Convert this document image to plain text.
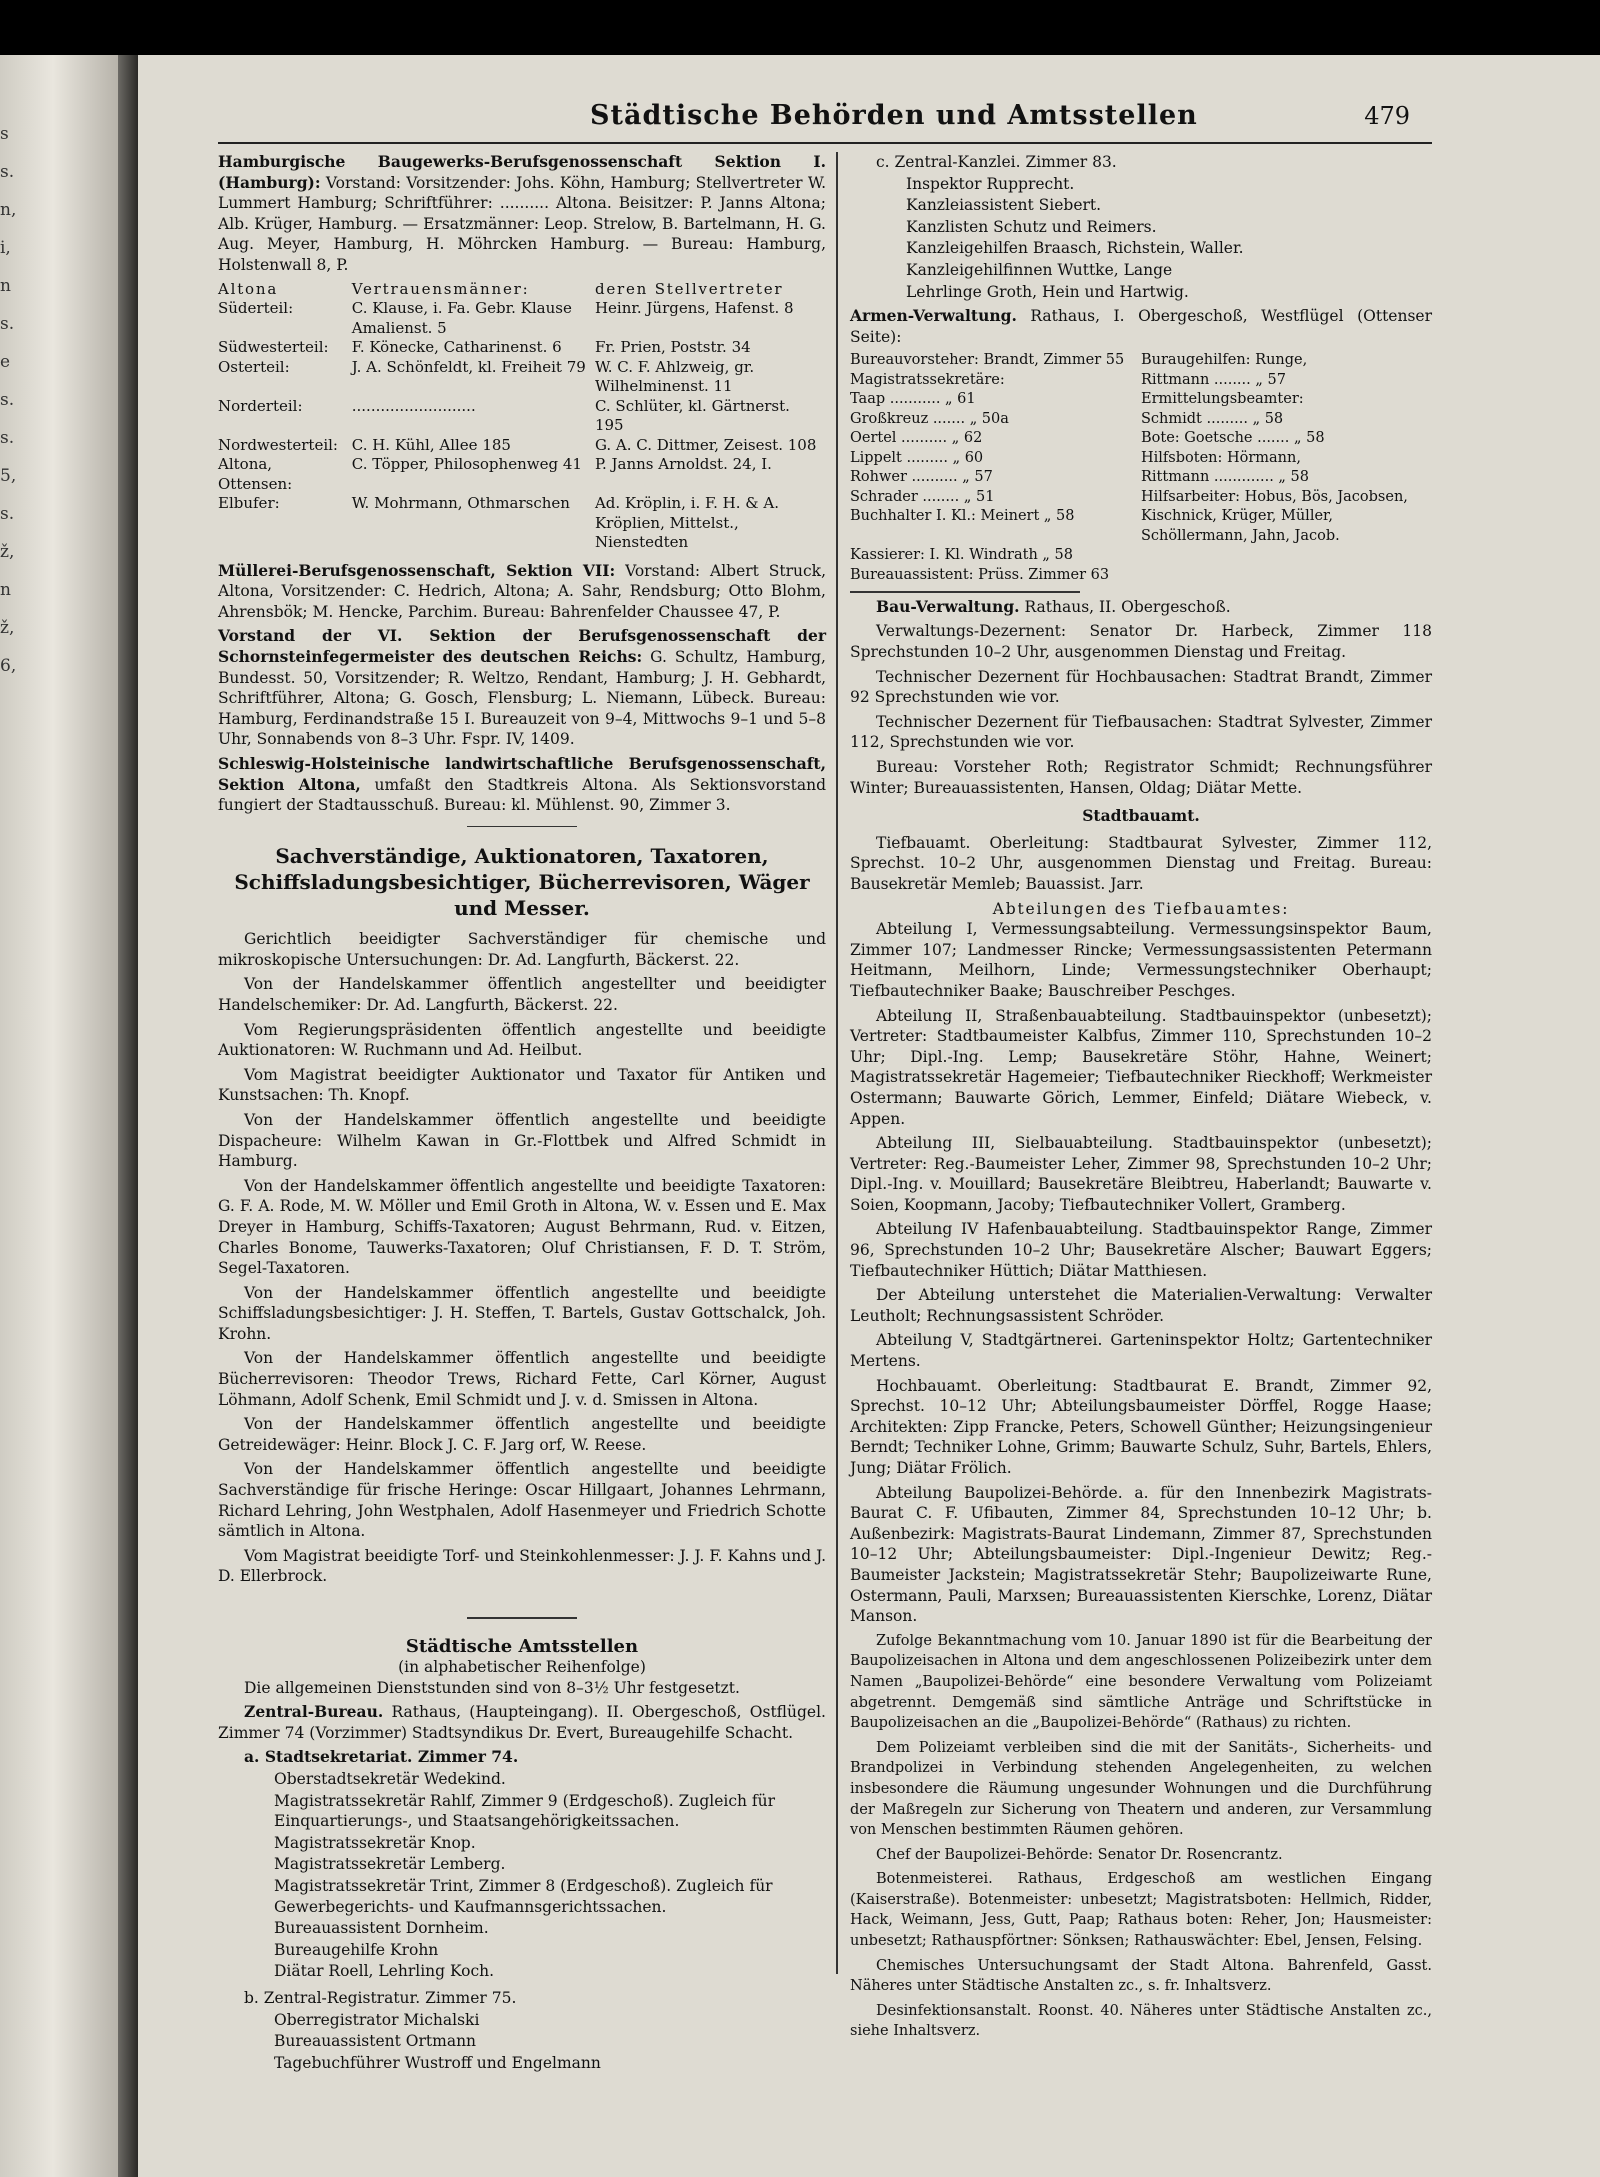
s
s.
n,
i,
n
s.
e
s.
s.
5,
s.
ž,
n
ž,
6,
Städtische Behörden und Amtsstellen	479

Hamburgische Baugewerks-Berufsgenossenschaft Sektion I. (Hamburg): Vorstand: Vorsitzender: Johs. Köhn, Hamburg; Stellvertreter W. Lummert Hamburg; Schriftführer: .......... Altona. Beisitzer: P. Janns Altona; Alb. Krüger, Hamburg. — Ersatzmänner: Leop. Strelow, B. Bartelmann, H. G. Aug. Meyer, Hamburg, H. Möhrcken Hamburg. — Bureau: Hamburg, Holstenwall 8, P.

Altona	Vertrauensmänner:	deren Stellvertreter
Süderteil:	C. Klause, i. Fa. Gebr. Klause Amalienst. 5	Heinr. Jürgens, Hafenst. 8
Südwesterteil:	F. Könecke, Catharinenst. 6	Fr. Prien, Poststr. 34
Osterteil:	J. A. Schönfeldt, kl. Freiheit 79	W. C. F. Ahlzweig, gr. Wilhelminenst. 11
Norderteil:	..........................	C. Schlüter, kl. Gärtnerst. 195
Nordwesterteil:	C. H. Kühl, Allee 185	G. A. C. Dittmer, Zeisest. 108
Altona, Ottensen:	C. Töpper, Philosophenweg 41	P. Janns Arnoldst. 24, I.
Elbufer:	W. Mohrmann, Othmarschen	Ad. Kröplin, i. F. H. & A. Kröplien, Mittelst., Nienstedten

Müllerei-Berufsgenossenschaft, Sektion VII: Vorstand: Albert Struck, Altona, Vorsitzender: C. Hedrich, Altona; A. Sahr, Rendsburg; Otto Blohm, Ahrensbök; M. Hencke, Parchim. Bureau: Bahrenfelder Chaussee 47, P.

Vorstand der VI. Sektion der Berufsgenossenschaft der Schornsteinfegermeister des deutschen Reichs: G. Schultz, Hamburg, Bundesst. 50, Vorsitzender; R. Weltzo, Rendant, Hamburg; J. H. Gebhardt, Schriftführer, Altona; G. Gosch, Flensburg; L. Niemann, Lübeck. Bureau: Hamburg, Ferdinandstraße 15 I. Bureauzeit von 9–4, Mittwochs 9–1 und 5–8 Uhr, Sonnabends von 8–3 Uhr. Fspr. IV, 1409.

Schleswig-Holsteinische landwirtschaftliche Berufsgenossenschaft, Sektion Altona, umfaßt den Stadtkreis Altona. Als Sektionsvorstand fungiert der Stadtausschuß. Bureau: kl. Mühlenst. 90, Zimmer 3.

Sachverständige, Auktionatoren, Taxatoren, Schiffsladungsbesichtiger, Bücherrevisoren, Wäger und Messer.

Gerichtlich beeidigter Sachverständiger für chemische und mikroskopische Untersuchungen: Dr. Ad. Langfurth, Bäckerst. 22.

Von der Handelskammer öffentlich angestellter und beeidigter Handelschemiker: Dr. Ad. Langfurth, Bäckerst. 22.

Vom Regierungspräsidenten öffentlich angestellte und beeidigte Auktionatoren: W. Ruchmann und Ad. Heilbut.

Vom Magistrat beeidigter Auktionator und Taxator für Antiken und Kunstsachen: Th. Knopf.

Von der Handelskammer öffentlich angestellte und beeidigte Dispacheure: Wilhelm Kawan in Gr.-Flottbek und Alfred Schmidt in Hamburg.

Von der Handelskammer öffentlich angestellte und beeidigte Taxatoren: G. F. A. Rode, M. W. Möller und Emil Groth in Altona, W. v. Essen und E. Max Dreyer in Hamburg, Schiffs-Taxatoren; August Behrmann, Rud. v. Eitzen, Charles Bonome, Tauwerks-Taxatoren; Oluf Christiansen, F. D. T. Ström, Segel-Taxatoren.

Von der Handelskammer öffentlich angestellte und beeidigte Schiffsladungsbesichtiger: J. H. Steffen, T. Bartels, Gustav Gottschalck, Joh. Krohn.

Von der Handelskammer öffentlich angestellte und beeidigte Bücherrevisoren: Theodor Trews, Richard Fette, Carl Körner, August Löhmann, Adolf Schenk, Emil Schmidt und J. v. d. Smissen in Altona.

Von der Handelskammer öffentlich angestellte und beeidigte Getreidewäger: Heinr. Block J. C. F. Jarg orf, W. Reese.

Von der Handelskammer öffentlich angestellte und beeidigte Sachverständige für frische Heringe: Oscar Hillgaart, Johannes Lehrmann, Richard Lehring, John Westphalen, Adolf Hasenmeyer und Friedrich Schotte sämtlich in Altona.

Vom Magistrat beeidigte Torf- und Steinkohlenmesser: J. J. F. Kahns und J. D. Ellerbrock.

Städtische Amtsstellen
(in alphabetischer Reihenfolge)

Die allgemeinen Dienststunden sind von 8–3½ Uhr festgesetzt.

Zentral-Bureau. Rathaus, (Haupteingang). II. Obergeschoß, Ostflügel. Zimmer 74 (Vorzimmer) Stadtsyndikus Dr. Evert, Bureaugehilfe Schacht.

a. Stadtsekretariat. Zimmer 74.

Oberstadtsekretär Wedekind.

Magistratssekretär Rahlf, Zimmer 9 (Erdgeschoß). Zugleich für Einquartierungs-, und Staatsangehörigkeitssachen.

Magistratssekretär Knop.

Magistratssekretär Lemberg.

Magistratssekretär Trint, Zimmer 8 (Erdgeschoß). Zugleich für Gewerbegerichts- und Kaufmannsgerichtssachen.

Bureauassistent Dornheim.

Bureaugehilfe Krohn

Diätar Roell, Lehrling Koch.

b. Zentral-Registratur. Zimmer 75.

Oberregistrator Michalski

Bureauassistent Ortmann

Tagebuchführer Wustroff und Engelmann

c. Zentral-Kanzlei. Zimmer 83.

Inspektor Rupprecht.

Kanzleiassistent Siebert.

Kanzlisten Schutz und Reimers.

Kanzleigehilfen Braasch, Richstein, Waller.

Kanzleigehilfinnen Wuttke, Lange

Lehrlinge Groth, Hein und Hartwig.

Armen-Verwaltung. Rathaus, I. Obergeschoß, Westflügel (Ottenser Seite):

Bureauvorsteher: Brandt, Zimmer 55	Buraugehilfen: Runge,
Magistratssekretäre:	Rittmann ........ „ 57
Taap ........... „ 61	Ermittelungsbeamter:
Großkreuz ....... „ 50a	Schmidt ......... „ 58
Oertel .......... „ 62	Bote: Goetsche ....... „ 58
Lippelt ......... „ 60	Hilfsboten: Hörmann,
Rohwer .......... „ 57	Rittmann ............. „ 58
Schrader ........ „ 51	Hilfsarbeiter: Hobus, Bös, Jacobsen,
Buchhalter I. Kl.: Meinert „ 58	Kischnick, Krüger, Müller, Schöllermann, Jahn, Jacob.
Kassierer: I. Kl. Windrath „ 58	
Bureauassistent: Prüss. Zimmer 63	

Bau-Verwaltung. Rathaus, II. Obergeschoß.

Verwaltungs-Dezernent: Senator Dr. Harbeck, Zimmer 118 Sprechstunden 10–2 Uhr, ausgenommen Dienstag und Freitag.

Technischer Dezernent für Hochbausachen: Stadtrat Brandt, Zimmer 92 Sprechstunden wie vor.

Technischer Dezernent für Tiefbausachen: Stadtrat Sylvester, Zimmer 112, Sprechstunden wie vor.

Bureau: Vorsteher Roth; Registrator Schmidt; Rechnungsführer Winter; Bureauassistenten, Hansen, Oldag; Diätar Mette.

Stadtbauamt.

Tiefbauamt. Oberleitung: Stadtbaurat Sylvester, Zimmer 112, Sprechst. 10–2 Uhr, ausgenommen Dienstag und Freitag. Bureau: Bausekretär Memleb; Bauassist. Jarr.

Abteilungen des Tiefbauamtes:

Abteilung I, Vermessungsabteilung. Vermessungsinspektor Baum, Zimmer 107; Landmesser Rincke; Vermessungsassistenten Petermann Heitmann, Meilhorn, Linde; Vermessungstechniker Oberhaupt; Tiefbautechniker Baake; Bauschreiber Peschges.

Abteilung II, Straßenbauabteilung. Stadtbauinspektor (unbesetzt); Vertreter: Stadtbaumeister Kalbfus, Zimmer 110, Sprechstunden 10–2 Uhr; Dipl.-Ing. Lemp; Bausekretäre Stöhr, Hahne, Weinert; Magistratssekretär Hagemeier; Tiefbautechniker Rieckhoff; Werkmeister Ostermann; Bauwarte Görich, Lemmer, Einfeld; Diätare Wiebeck, v. Appen.

Abteilung III, Sielbauabteilung. Stadtbauinspektor (unbesetzt); Vertreter: Reg.-Baumeister Leher, Zimmer 98, Sprechstunden 10–2 Uhr; Dipl.-Ing. v. Mouillard; Bausekretäre Bleibtreu, Haberlandt; Bauwarte v. Soien, Koopmann, Jacoby; Tiefbautechniker Vollert, Gramberg.

Abteilung IV Hafenbauabteilung. Stadtbauinspektor Range, Zimmer 96, Sprechstunden 10–2 Uhr; Bausekretäre Alscher; Bauwart Eggers; Tiefbautechniker Hüttich; Diätar Matthiesen.

Der Abteilung unterstehet die Materialien-Verwaltung: Verwalter Leutholt; Rechnungsassistent Schröder.

Abteilung V, Stadtgärtnerei. Garteninspektor Holtz; Gartentechniker Mertens.

Hochbauamt. Oberleitung: Stadtbaurat E. Brandt, Zimmer 92, Sprechst. 10–12 Uhr; Abteilungsbaumeister Dörffel, Rogge Haase; Architekten: Zipp Francke, Peters, Schowell Günther; Heizungsingenieur Berndt; Techniker Lohne, Grimm; Bauwarte Schulz, Suhr, Bartels, Ehlers, Jung; Diätar Frölich.

Abteilung Baupolizei-Behörde. a. für den Innenbezirk Magistrats-Baurat C. F. Ufibauten, Zimmer 84, Sprechstunden 10–12 Uhr; b. Außenbezirk: Magistrats-Baurat Lindemann, Zimmer 87, Sprechstunden 10–12 Uhr; Abteilungsbaumeister: Dipl.-Ingenieur Dewitz; Reg.-Baumeister Jackstein; Magistratssekretär Stehr; Baupolizeiwarte Rune, Ostermann, Pauli, Marxsen; Bureauassistenten Kierschke, Lorenz, Diätar Manson.

Zufolge Bekanntmachung vom 10. Januar 1890 ist für die Bearbeitung der Baupolizeisachen in Altona und dem angeschlossenen Polizeibezirk unter dem Namen „Baupolizei-Behörde“ eine besondere Verwaltung vom Polizeiamt abgetrennt. Demgemäß sind sämtliche Anträge und Schriftstücke in Baupolizeisachen an die „Baupolizei-Behörde“ (Rathaus) zu richten.

Dem Polizeiamt verbleiben sind die mit der Sanitäts-, Sicherheits- und Brandpolizei in Verbindung stehenden Angelegenheiten, zu welchen insbesondere die Räumung ungesunder Wohnungen und die Durchführung der Maßregeln zur Sicherung von Theatern und anderen, zur Versammlung von Menschen bestimmten Räumen gehören.

Chef der Baupolizei-Behörde: Senator Dr. Rosencrantz.

Botenmeisterei. Rathaus, Erdgeschoß am westlichen Eingang (Kaiserstraße). Botenmeister: unbesetzt; Magistratsboten: Hellmich, Ridder, Hack, Weimann, Jess, Gutt, Paap; Rathaus boten: Reher, Jon; Hausmeister: unbesetzt; Rathauspförtner: Sönksen; Rathauswächter: Ebel, Jensen, Felsing.

Chemisches Untersuchungsamt der Stadt Altona. Bahrenfeld, Gasst. Näheres unter Städtische Anstalten zc., s. fr. Inhaltsverz.

Desinfektionsanstalt. Roonst. 40. Näheres unter Städtische Anstalten zc., siehe Inhaltsverz.
